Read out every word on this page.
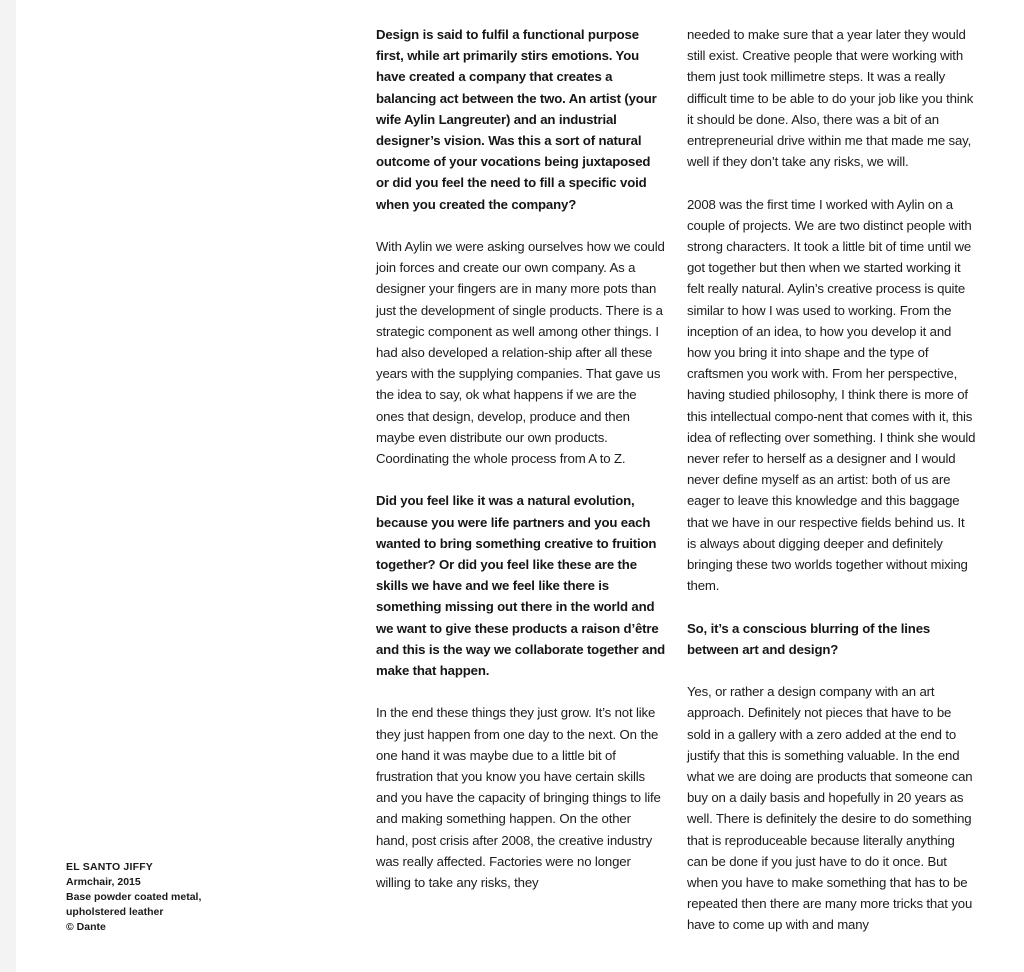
Design is said to fulfil a functional purpose first, while art primarily stirs emotions. You have created a company that creates a balancing act between the two. An artist (your wife Aylin Langreuter) and an industrial designer’s vision. Was this a sort of natural outcome of your vocations being juxtaposed or did you feel the need to fill a specific void when you created the company?

With Aylin we were asking ourselves how we could join forces and create our own company. As a designer your fingers are in many more pots than just the development of single products. There is a strategic component as well among other things. I had also developed a relation-ship after all these years with the supplying companies. That gave us the idea to say, ok what happens if we are the ones that design, develop, produce and then maybe even distribute our own products. Coordinating the whole process from A to Z.

Did you feel like it was a natural evolution, because you were life partners and you each wanted to bring something creative to fruition together? Or did you feel like these are the skills we have and we feel like there is something missing out there in the world and we want to give these products a raison d’être and this is the way we collaborate together and make that happen.

In the end these things they just grow. It’s not like they just happen from one day to the next. On the one hand it was maybe due to a little bit of frustration that you know you have certain skills and you have the capacity of bringing things to life and making something happen. On the other hand, post crisis after 2008, the creative industry was really affected. Factories were no longer willing to take any risks, they

needed to make sure that a year later they would still exist. Creative people that were working with them just took millimetre steps. It was a really difficult time to be able to do your job like you think it should be done. Also, there was a bit of an entrepreneurial drive within me that made me say, well if they don’t take any risks, we will.

2008 was the first time I worked with Aylin on a couple of projects. We are two distinct people with strong characters. It took a little bit of time until we got together but then when we started working it felt really natural. Aylin’s creative process is quite similar to how I was used to working. From the inception of an idea, to how you develop it and how you bring it into shape and the type of craftsmen you work with. From her perspective, having studied philosophy, I think there is more of this intellectual compo-nent that comes with it, this idea of reflecting over something. I think she would never refer to herself as a designer and I would never define myself as an artist: both of us are eager to leave this knowledge and this baggage that we have in our respective fields behind us. It is always about digging deeper and definitely bringing these two worlds together without mixing them.

So, it’s a conscious blurring of the lines between art and design?

Yes, or rather a design company with an art approach. Definitely not pieces that have to be sold in a gallery with a zero added at the end to justify that this is something valuable. In the end what we are doing are products that someone can buy on a daily basis and hopefully in 20 years as well. There is definitely the desire to do something that is reproduceable because literally anything can be done if you just have to do it once. But when you have to make something that has to be repeated then there are many more tricks that you have to come up with and many

EL SANTO JIFFY
Armchair, 2015
Base powder coated metal,
upholstered leather
© Dante
